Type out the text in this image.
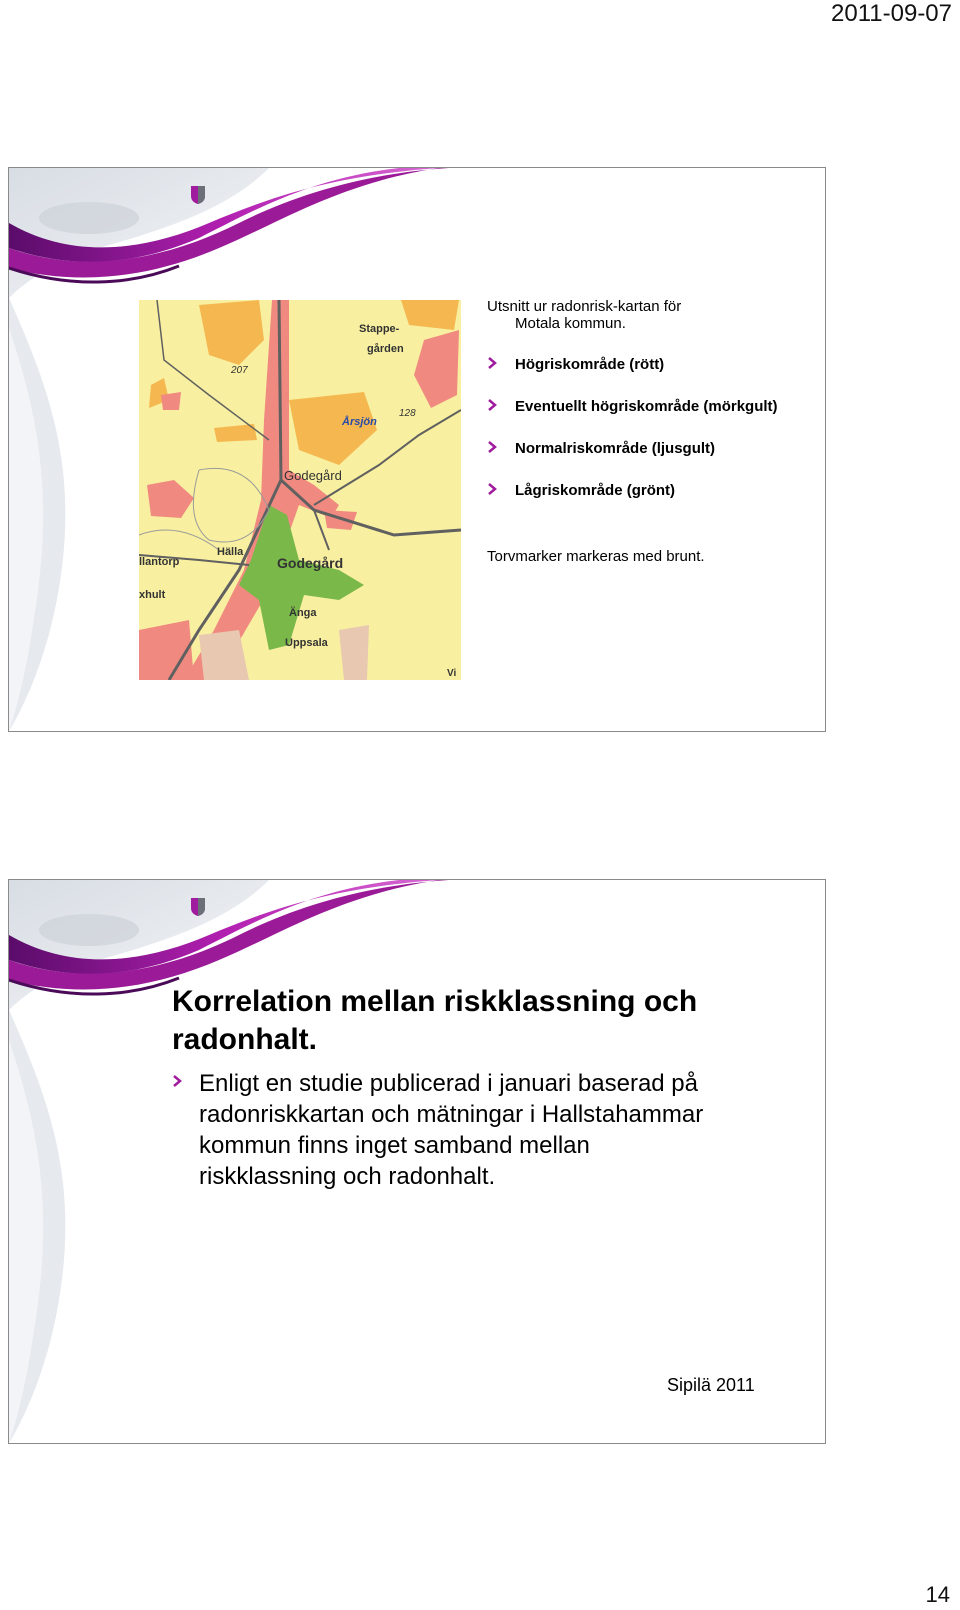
2011-09-07
Stappe-
gården
Årsjön
128
207
Godegård
Godegård
Hälla
llantorp
xhult
Änga
Uppsala
Vi
Utsnitt ur radonrisk-kartan för
Motala kommun.
Högriskområde (rött)
Eventuellt högriskområde (mörkgult)
Normalriskområde (ljusgult)
Lågriskområde (grönt)
Torvmarker markeras med brunt.
Korrelation mellan riskklassning och
radonhalt.
Enligt en studie publicerad i januari baserad på
radonriskkartan och mätningar i Hallstahammar
kommun finns inget samband mellan
riskklassning och radonhalt.
Sipilä 2011
14
